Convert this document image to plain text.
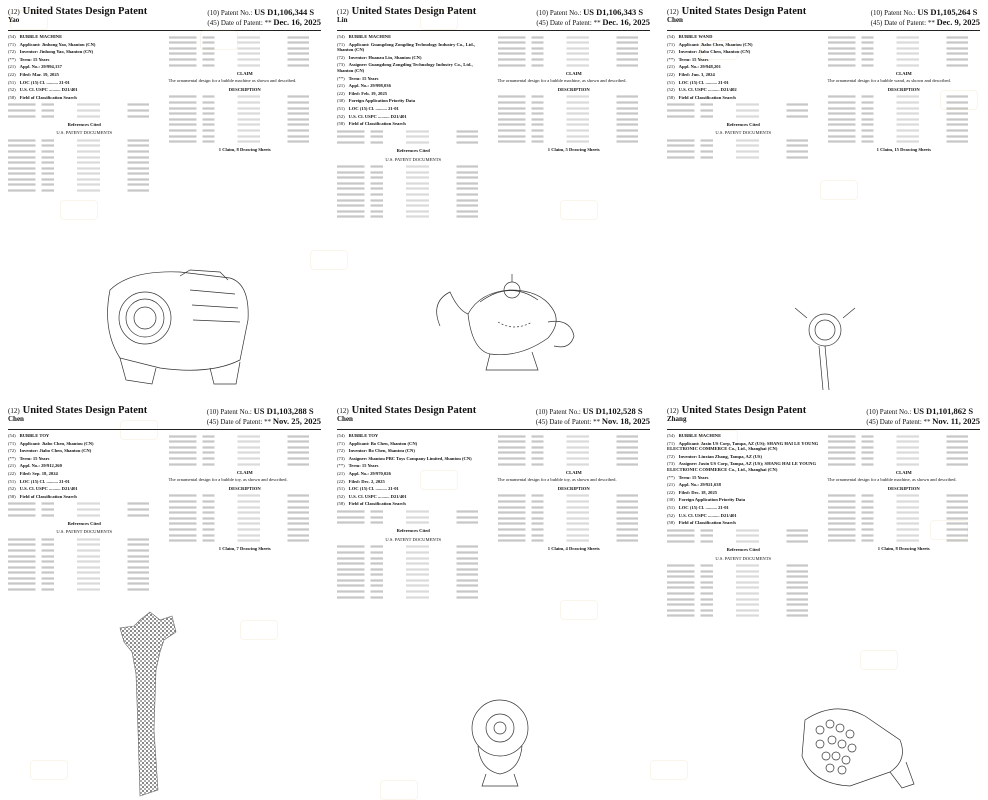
(12) United States Design Patent
Yao
(10) Patent No.: US D1,106,344 S
(45) Date of Patent: ** Dec. 16, 2025
(54) BUBBLE MACHINE
(71) Applicant: Jinhong Yao, Shantou (CN)
(72) Inventor: Jinhong Yao, Shantou (CN)
(**) Term: 15 Years
(21) Appl. No.: 29/994,137
(22) Filed: Mar. 19, 2025
(51) LOC (15) Cl. .......... 21-01
(52) U.S. Cl. USPC .......... D21/401
(58) Field of Classification Search
References Cited
U.S. PATENT DOCUMENTS
CLAIM

The ornamental design for a bubble machine as shown and described.

DESCRIPTION
1 Claim, 8 Drawing Sheets
(12) United States Design Patent
Lin
(10) Patent No.: US D1,106,343 S
(45) Date of Patent: ** Dec. 16, 2025
(54) BUBBLE MACHINE
(71) Applicant: Guangdong Zongding Technology Industry Co., Ltd., Shantou (CN)
(72) Inventor: Huanzu Lin, Shantou (CN)
(73) Assignee: Guangdong Zongding Technology Industry Co., Ltd., Shantou (CN)
(**) Term: 15 Years
(21) Appl. No.: 29/998,036
(22) Filed: Feb. 19, 2025
(30) Foreign Application Priority Data
(51) LOC (15) Cl. .......... 21-01
(52) U.S. Cl. USPC .......... D21/401
(58) Field of Classification Search
References Cited
U.S. PATENT DOCUMENTS
CLAIM

The ornamental design for a bubble machine, as shown and described.

DESCRIPTION
1 Claim, 5 Drawing Sheets
(12) United States Design Patent
Chen
(10) Patent No.: US D1,105,264 S
(45) Date of Patent: ** Dec. 9, 2025
(54) BUBBLE WAND
(71) Applicant: Jiabo Chen, Shantou (CN)
(72) Inventor: Jiabo Chen, Shantou (CN)
(**) Term: 15 Years
(21) Appl. No.: 29/948,201
(22) Filed: Jun. 3, 2024
(51) LOC (15) Cl. .......... 21-01
(52) U.S. Cl. USPC .......... D21/402
(58) Field of Classification Search
References Cited
U.S. PATENT DOCUMENTS
CLAIM

The ornamental design for a bubble wand, as shown and described.

DESCRIPTION
1 Claim, 15 Drawing Sheets
(12) United States Design Patent
Chen
(10) Patent No.: US D1,103,288 S
(45) Date of Patent: ** Nov. 25, 2025
(54) BUBBLE TOY
(71) Applicant: Jiabo Chen, Shantou (CN)
(72) Inventor: Jiabo Chen, Shantou (CN)
(**) Term: 15 Years
(21) Appl. No.: 29/912,260
(22) Filed: Sep. 18, 2024
(51) LOC (15) Cl. .......... 21-01
(52) U.S. Cl. USPC .......... D21/401
(58) Field of Classification Search
References Cited
U.S. PATENT DOCUMENTS
CLAIM

The ornamental design for a bubble toy, as shown and described.

DESCRIPTION
1 Claim, 7 Drawing Sheets
(12) United States Design Patent
Chen
(10) Patent No.: US D1,102,528 S
(45) Date of Patent: ** Nov. 18, 2025
(54) BUBBLE TOY
(71) Applicant: Bo Chen, Shantou (CN)
(72) Inventor: Bo Chen, Shantou (CN)
(73) Assignee: Shantou PBC Toys Company Limited, Shantou (CN)
(**) Term: 15 Years
(21) Appl. No.: 29/970,026
(22) Filed: Dec. 2, 2025
(51) LOC (15) Cl. .......... 21-01
(52) U.S. Cl. USPC .......... D21/401
(58) Field of Classification Search
References Cited
U.S. PATENT DOCUMENTS
CLAIM

The ornamental design for a bubble toy, as shown and described.

DESCRIPTION
1 Claim, 4 Drawing Sheets
(12) United States Design Patent
Zhang
(10) Patent No.: US D1,101,862 S
(45) Date of Patent: ** Nov. 11, 2025
(54) BUBBLE MACHINE
(71) Applicant: Jaxin US Corp, Tampa, AZ (US); SHANG HAI LE YOUNG ELECTRONIC COMMERCE Co., Ltd., Shanghai (CN)
(72) Inventor: Linxian Zhang, Tampa, AZ (US)
(73) Assignee: Jaxin US Corp, Tampa, AZ (US); SHANG HAI LE YOUNG ELECTRONIC COMMERCE Co., Ltd., Shanghai (CN)
(**) Term: 15 Years
(21) Appl. No.: 29/921,638
(22) Filed: Dec. 18, 2025
(30) Foreign Application Priority Data
(51) LOC (15) Cl. .......... 21-01
(52) U.S. Cl. USPC .......... D21/401
(58) Field of Classification Search
References Cited
U.S. PATENT DOCUMENTS
CLAIM

The ornamental design for a bubble machine, as shown and described.

DESCRIPTION
1 Claim, 8 Drawing Sheets
